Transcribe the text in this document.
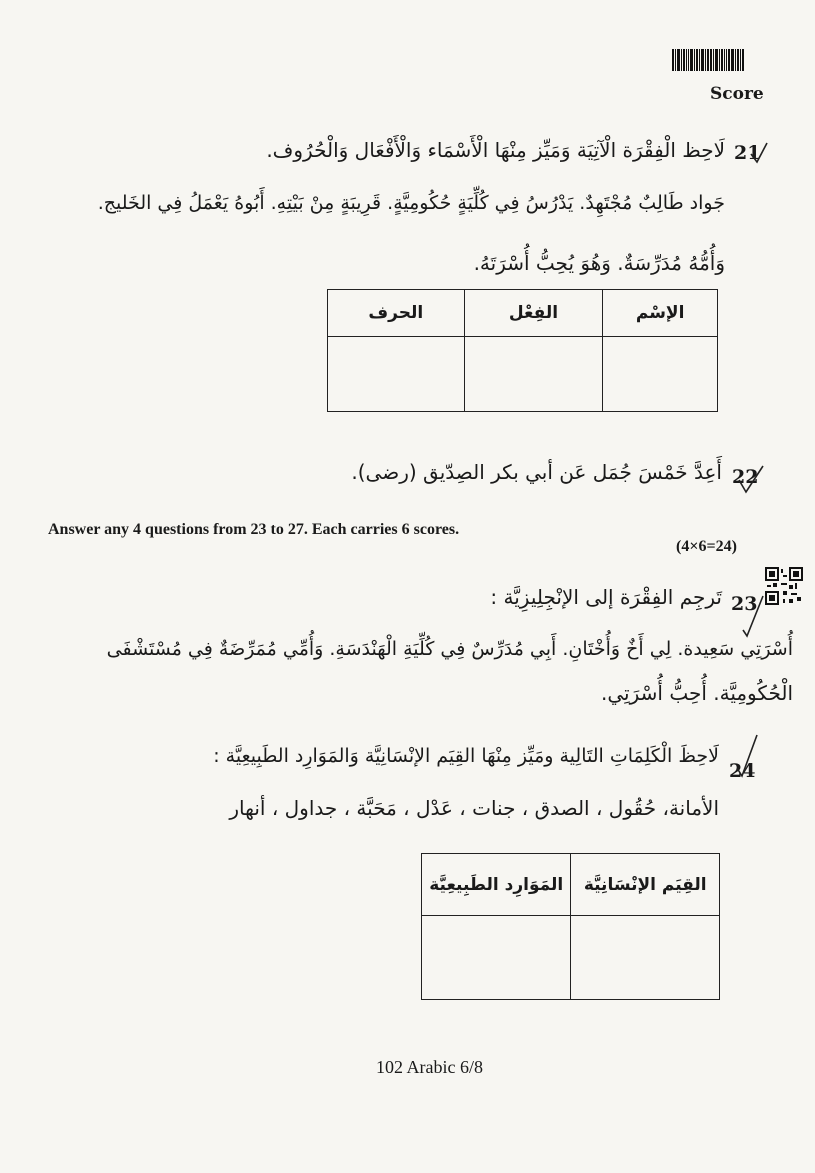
Score
21
لَاحِظ الْفِقْرَة الْآتِيَة وَمَيِّز مِنْهَا الْأَسْمَاء وَالْأَفْعَال وَالْحُرُوف.
جَواد طَالِبٌ مُجْتَهِدٌ. يَدْرُسُ فِي كُلِّيَةٍ حُكُومِيَّةٍ. قَرِيبَةٍ مِنْ بَيْتِهِ. أَبُوهُ يَعْمَلُ فِي الخَليج.
وَأُمُّهُ مُدَرِّسَةٌ. وَهُوَ يُحِبُّ أُسْرَتَهُ.
الحرف	الفِعْل	الإسْم

22
أَعِدَّ خَمْسَ جُمَل عَن أبي بكر الصِدّيق (رضى).
Answer any 4 questions from 23 to 27. Each carries 6 scores.
(4×6=24)
23
تَرجِم الفِقْرَة إلى الإنْجِلِيزِيَّة :
أُسْرَتِي سَعِيدة. لِي أَخٌ وَأُخْتَانِ. أَبِي مُدَرِّسٌ فِي كُلِّيَةِ الْهَنْدَسَةِ. وَأُمِّي مُمَرِّضَةٌ فِي مُسْتَشْفَى
الْحُكُومِيَّة. أُحِبُّ أُسْرَتِي.
24
لَاحِظَ الْكَلِمَاتِ التَالِية ومَيِّز مِنْهَا القِيَم الإنْسَانِيَّة وَالمَوَارِد الطَبِيعِيَّة :
الأمانة، حُقُول ، الصدق ، جنات ، عَدْل ، مَحَبَّة ، جداول ، أنهار
المَوَارِد الطَبِيعِيَّة	القِيَم الإنْسَانِيَّة

102 Arabic 6/8
